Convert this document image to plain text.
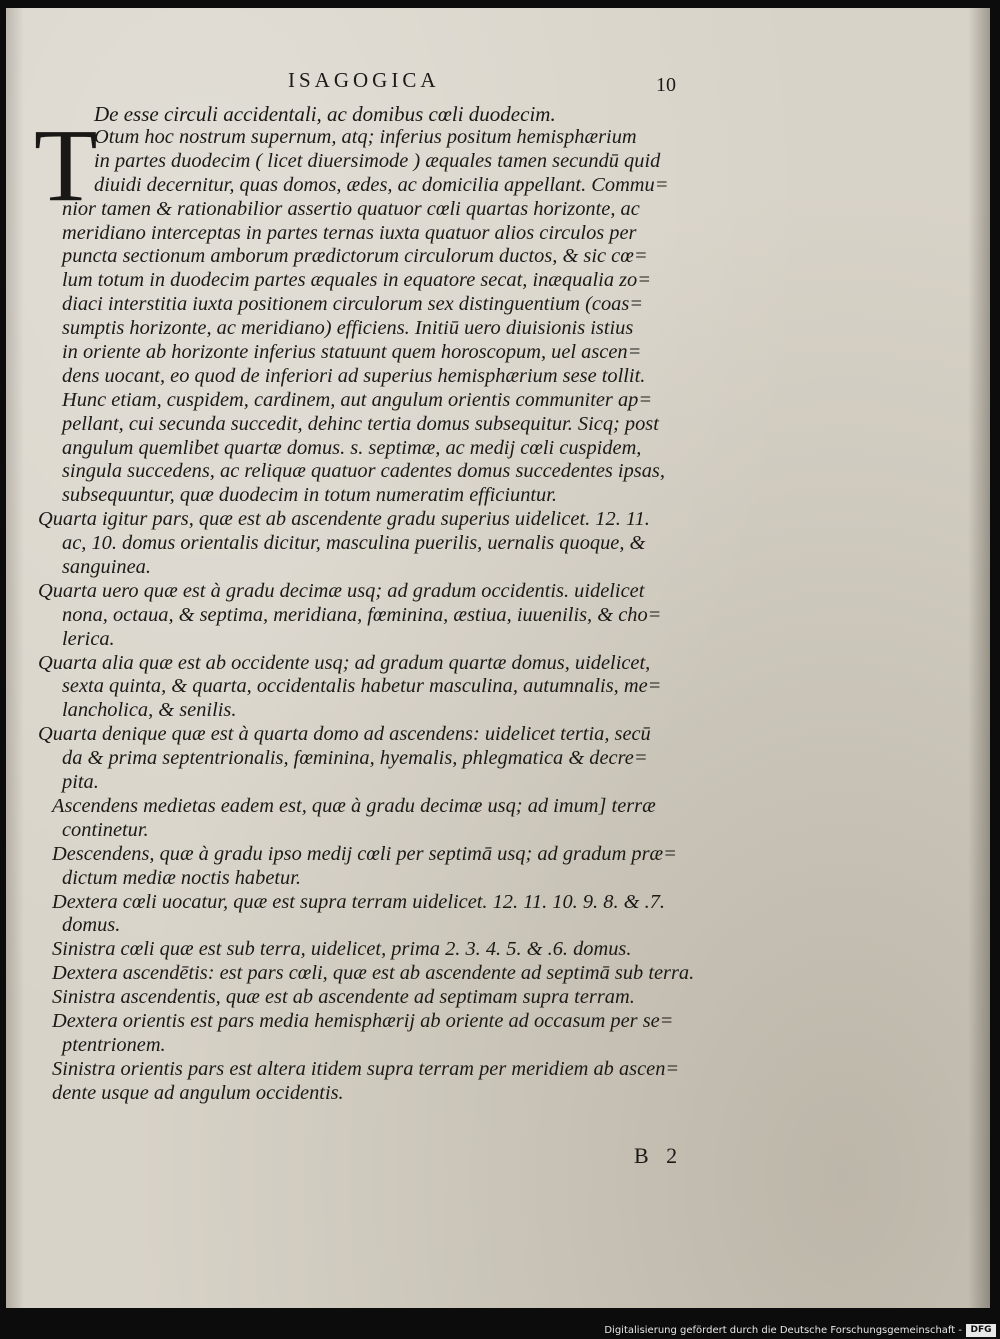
ISAGOGICA	10
De esse circuli accidentali, ac domibus cœli duodecim.
T
Otum hoc nostrum supernum, atq; inferius positum hemisphærium
in partes duodecim ( licet diuersimode ) æquales tamen secundū quid
diuidi decernitur, quas domos, ædes, ac domicilia appellant. Commu=
nior tamen & rationabilior assertio quatuor cœli quartas horizonte, ac
meridiano interceptas in partes ternas iuxta quatuor alios circulos per
puncta sectionum amborum prædictorum circulorum ductos, & sic cœ=
lum totum in duodecim partes æquales in equatore secat, inæqualia zo=
diaci interstitia iuxta positionem circulorum sex distinguentium (coas=
sumptis horizonte, ac meridiano) efficiens. Initiū uero diuisionis istius
in oriente ab horizonte inferius statuunt quem horoscopum, uel ascen=
dens uocant, eo quod de inferiori ad superius hemisphærium sese tollit.
Hunc etiam, cuspidem, cardinem, aut angulum orientis communiter ap=
pellant, cui secunda succedit, dehinc tertia domus subsequitur. Sicq; post
angulum quemlibet quartæ domus. s. septimæ, ac medij cœli cuspidem,
singula succedens, ac reliquæ quatuor cadentes domus succedentes ipsas,
subsequuntur, quæ duodecim in totum numeratim efficiuntur.
Quarta igitur pars, quæ est ab ascendente gradu superius uidelicet. 12. 11.
ac, 10. domus orientalis dicitur, masculina puerilis, uernalis quoque, &
sanguinea.
Quarta uero quæ est à gradu decimæ usq; ad gradum occidentis. uidelicet
nona, octaua, & septima, meridiana, fœminina, æstiua, iuuenilis, & cho=
lerica.
Quarta alia quæ est ab occidente usq; ad gradum quartæ domus, uidelicet,
sexta quinta, & quarta, occidentalis habetur masculina, autumnalis, me=
lancholica, & senilis.
Quarta denique quæ est à quarta domo ad ascendens: uidelicet tertia, secū
da & prima septentrionalis, fœminina, hyemalis, phlegmatica & decre=
pita.
Ascendens medietas eadem est, quæ à gradu decimæ usq; ad imum] terræ
continetur.
Descendens, quæ à gradu ipso medij cœli per septimā usq; ad gradum præ=
dictum mediæ noctis habetur.
Dextera cœli uocatur, quæ est supra terram uidelicet. 12. 11. 10. 9. 8. & .7.
domus.
Sinistra cœli quæ est sub terra, uidelicet, prima 2. 3. 4. 5. & .6. domus.
Dextera ascendētis: est pars cœli, quæ est ab ascendente ad septimā sub terra.
Sinistra ascendentis, quæ est ab ascendente ad septimam supra terram.
Dextera orientis est pars media hemisphærij ab oriente ad occasum per se=
ptentrionem.
Sinistra orientis pars est altera itidem supra terram per meridiem ab ascen=
dente usque ad angulum occidentis.
B 2
Digitalisierung gefördert durch die Deutsche Forschungsgemeinschaft - DFG
